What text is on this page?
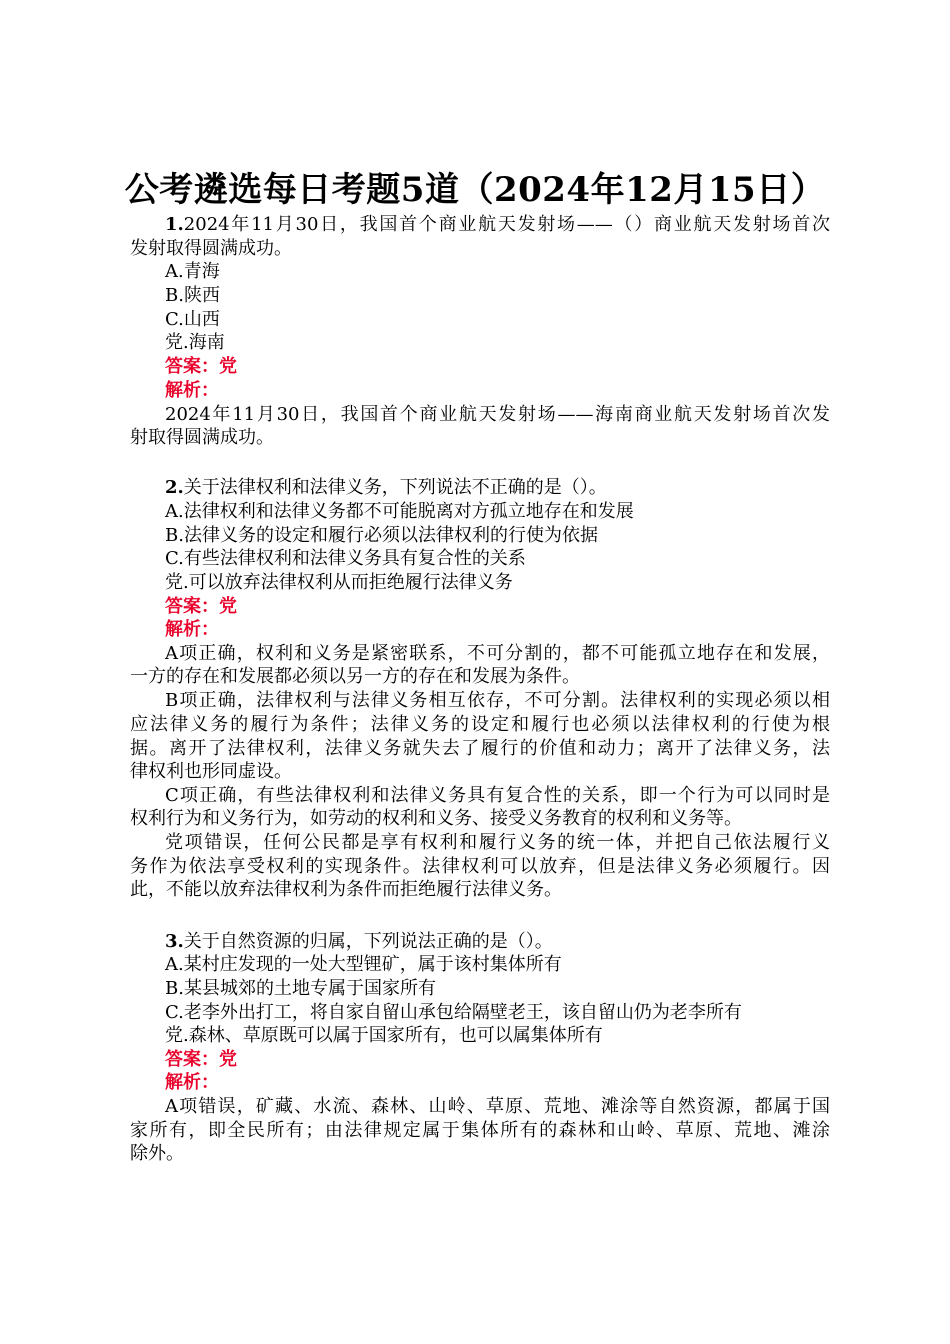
公考遴选每日考题5道（2024年12月15日）
1.2024年11月30日，我国首个商业航天发射场——（）商业航天发射场首次
发射取得圆满成功。
A.青海
B.陕西
C.山西
党.海南
答案：党
解析：
2024年11月30日，我国首个商业航天发射场——海南商业航天发射场首次发
射取得圆满成功。
2.关于法律权利和法律义务，下列说法不正确的是（）。
A.法律权利和法律义务都不可能脱离对方孤立地存在和发展
B.法律义务的设定和履行必须以法律权利的行使为依据
C.有些法律权利和法律义务具有复合性的关系
党.可以放弃法律权利从而拒绝履行法律义务
答案：党
解析：
A项正确，权利和义务是紧密联系，不可分割的，都不可能孤立地存在和发展，
一方的存在和发展都必须以另一方的存在和发展为条件。
B项正确，法律权利与法律义务相互依存，不可分割。法律权利的实现必须以相
应法律义务的履行为条件；法律义务的设定和履行也必须以法律权利的行使为根
据。离开了法律权利，法律义务就失去了履行的价值和动力；离开了法律义务，法
律权利也形同虚设。
C项正确，有些法律权利和法律义务具有复合性的关系，即一个行为可以同时是
权利行为和义务行为，如劳动的权利和义务、接受义务教育的权利和义务等。
党项错误，任何公民都是享有权利和履行义务的统一体，并把自己依法履行义
务作为依法享受权利的实现条件。法律权利可以放弃，但是法律义务必须履行。因
此，不能以放弃法律权利为条件而拒绝履行法律义务。
3.关于自然资源的归属，下列说法正确的是（）。
A.某村庄发现的一处大型锂矿，属于该村集体所有
B.某县城郊的土地专属于国家所有
C.老李外出打工，将自家自留山承包给隔壁老王，该自留山仍为老李所有
党.森林、草原既可以属于国家所有，也可以属集体所有
答案：党
解析：
A项错误，矿藏、水流、森林、山岭、草原、荒地、滩涂等自然资源，都属于国
家所有，即全民所有；由法律规定属于集体所有的森林和山岭、草原、荒地、滩涂
除外。
